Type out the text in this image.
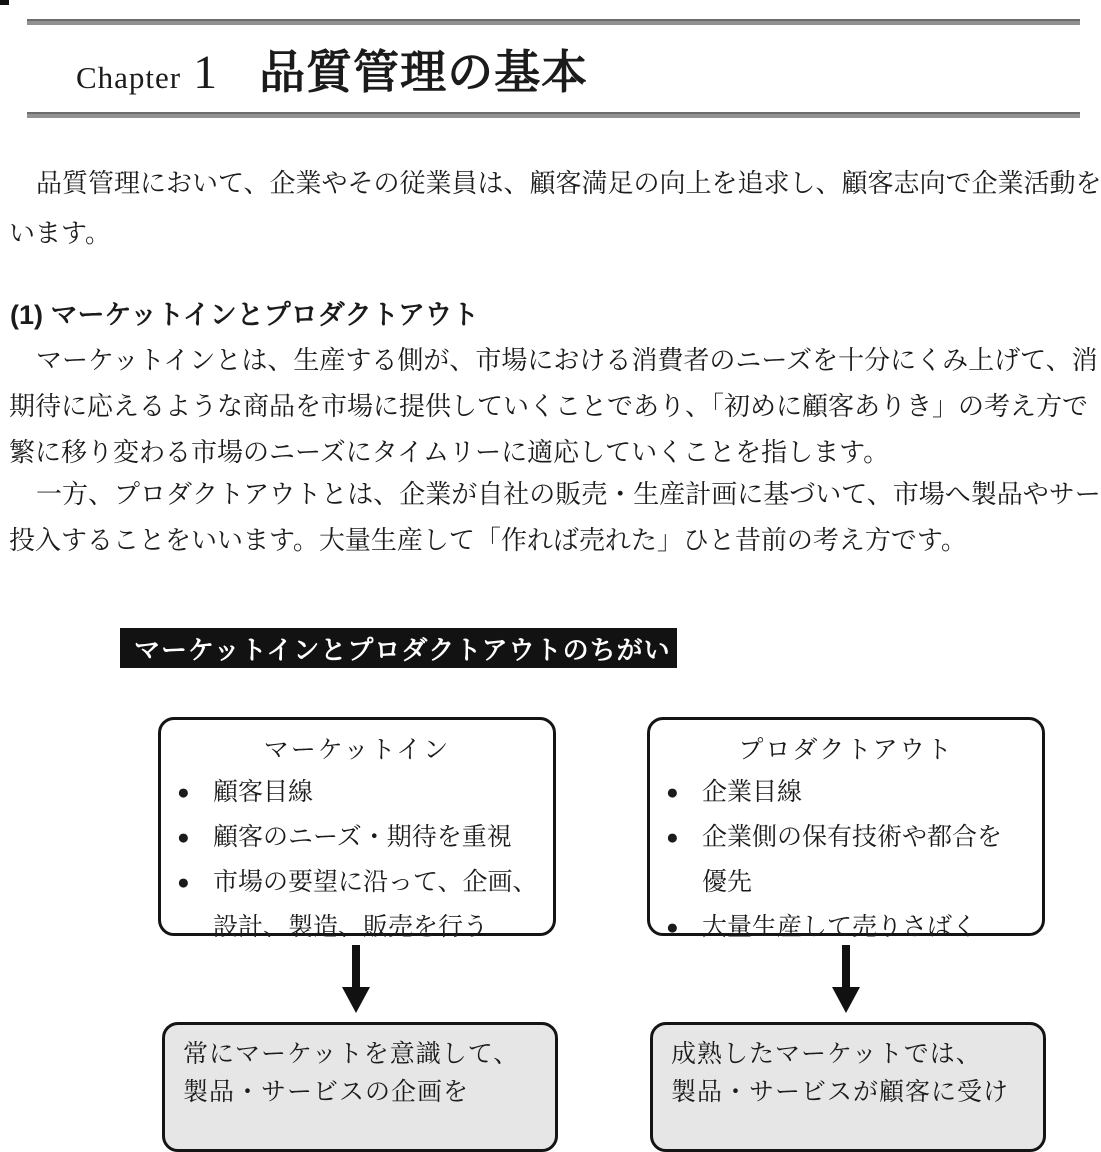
Chapter 1 品質管理の基本
品質管理において、企業やその従業員は、顧客満足の向上を追求し、顧客志向で企業活動を
います。
(1) マーケットインとプロダクトアウト
マーケットインとは、生産する側が、市場における消費者のニーズを十分にくみ上げて、消
期待に応えるような商品を市場に提供していくことであり、「初めに顧客ありき」の考え方で
繁に移り変わる市場のニーズにタイムリーに適応していくことを指します。
一方、プロダクトアウトとは、企業が自社の販売・生産計画に基づいて、市場へ製品やサー
投入することをいいます。大量生産して「作れば売れた」ひと昔前の考え方です。
マーケットインとプロダクトアウトのちがい
マーケットイン
● 顧客目線
● 顧客のニーズ・期待を重視
● 市場の要望に沿って、企画、
設計、製造、販売を行う
プロダクトアウト
● 企業目線
● 企業側の保有技術や都合を
優先
● 大量生産して売りさばく
常にマーケットを意識して、
製品・サービスの企画を
成熟したマーケットでは、
製品・サービスが顧客に受け
